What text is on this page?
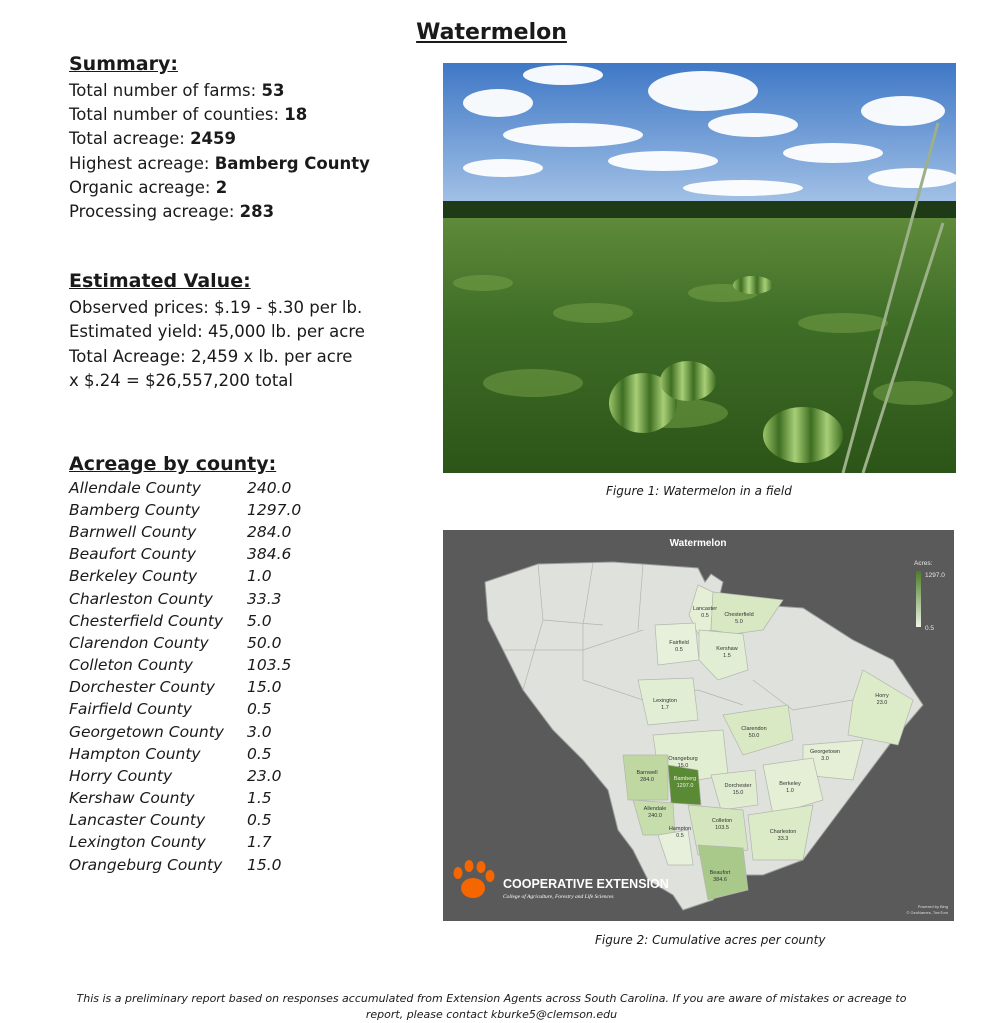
Watermelon
Summary:
Total number of farms: 53
Total number of counties: 18
Total acreage: 2459
Highest acreage: Bamberg County
Organic acreage: 2
Processing acreage: 283
Estimated Value:
Observed prices: $.19 - $.30 per lb.
Estimated yield: 45,000 lb. per acre
Total Acreage: 2,459 x lb. per acre
x $.24 = $26,557,200 total
Acreage by county:
Allendale County	240.0
Bamberg County	1297.0
Barnwell County	284.0
Beaufort County	384.6
Berkeley County	1.0
Charleston County 33.3
Chesterfield County 5.0
Clarendon County 50.0
Colleton County	103.5
Dorchester County 15.0
Fairfield County	0.5
Georgetown County 3.0
Hampton County	0.5
Horry County	23.0
Kershaw County	1.5
Lancaster County	0.5
Lexington County	1.7
Orangeburg County 15.0
Figure 1: Watermelon in a field
Watermelon
Acres:
1297.0
0.5
Lancaster
0.5	Chesterfield
5.0
Fairfield
0.5	Kershaw
1.5
Horry
23.0
Lexington
1.7
Clarendon
50.0
Georgetown
3.0
Orangeburg
15.0
Barnwell
284.0	Bamberg
1297.0	Dorchester
15.0
Berkeley
1.0
Allendale
240.0
Colleton
103.5
Hampton
0.5
Charleston
33.3
Beaufort
384.6
COOPERATIVE EXTENSION
College of Agriculture, Forestry and Life Sciences
Powered by Bing
© GeoNames, TomTom
Figure 2: Cumulative acres per county
This is a preliminary report based on responses accumulated from Extension Agents across South Carolina. If you are aware of mistakes or acreage to
report, please contact kburke5@clemson.edu
